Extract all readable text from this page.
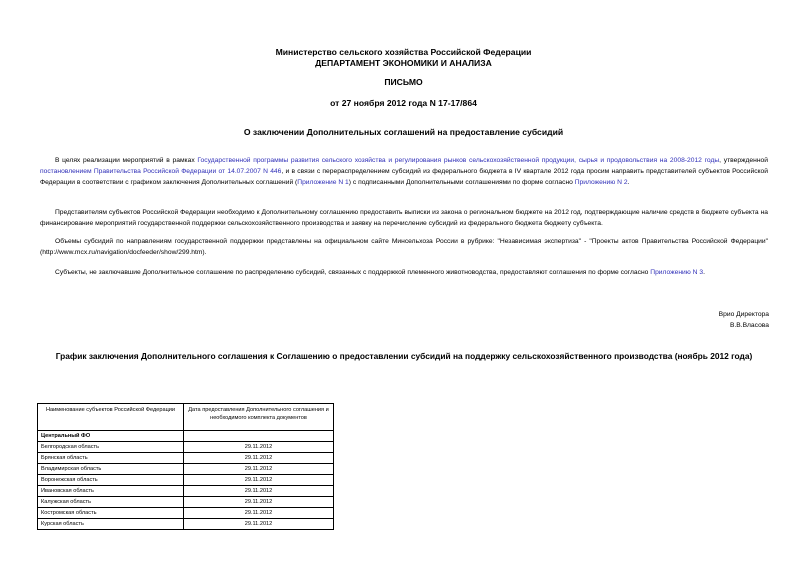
Министерство сельского хозяйства Российской Федерации
ДЕПАРТАМЕНТ ЭКОНОМИКИ И АНАЛИЗА
ПИСЬМО
от 27 ноября 2012 года N 17-17/864
О заключении Дополнительных соглашений на предоставление субсидий
В целях реализации мероприятий в рамках Государственной программы развития сельского хозяйства и регулирования рынков сельскохозяйственной продукции, сырья и продовольствия на 2008-2012 годы, утвержденной постановлением Правительства Российской Федерации от 14.07.2007 N 446, и в связи с перераспределением субсидий из федерального бюджета в IV квартале 2012 года просим направить представителей субъектов Российской Федерации в соответствии с графиком заключения Дополнительных соглашений (Приложение N 1) с подписанными Дополнительными соглашениями по форме согласно Приложению N 2.
Представителям субъектов Российской Федерации необходимо к Дополнительному соглашению предоставить выписки из закона о региональном бюджете на 2012 год, подтверждающие наличие средств в бюджете субъекта на финансирование мероприятий государственной поддержки сельскохозяйственного производства и заявку на перечисление субсидий из федерального бюджета бюджету субъекта.
Объемы субсидий по направлениям государственной поддержки представлены на официальном сайте Минсельхоза России в рубрике: "Независимая экспертиза" - "Проекты актов Правительства Российской Федерации" (http://www.mcx.ru/navigation/docfeeder/show/299.htm).
Субъекты, не заключавшие Дополнительное соглашение по распределению субсидий, связанных с поддержкой племенного животноводства, предоставляют соглашения по форме согласно Приложению N 3.
Врио Директора
В.В.Власова
График заключения Дополнительного соглашения к Соглашению о предоставлении субсидий на поддержку сельскохозяйственного производства (ноябрь 2012 года)
Наименование субъектов Российской Федерации	Дата предоставления Дополнительного соглашения и необходимого комплекта документов
Центральный ФО	
Белгородская область	29.11.2012
Брянская область	29.11.2012
Владимирская область	29.11.2012
Воронежская область	29.11.2012
Ивановская область	29.11.2012
Калужская область	29.11.2012
Костромская область	29.11.2012
Курская область	29.11.2012
